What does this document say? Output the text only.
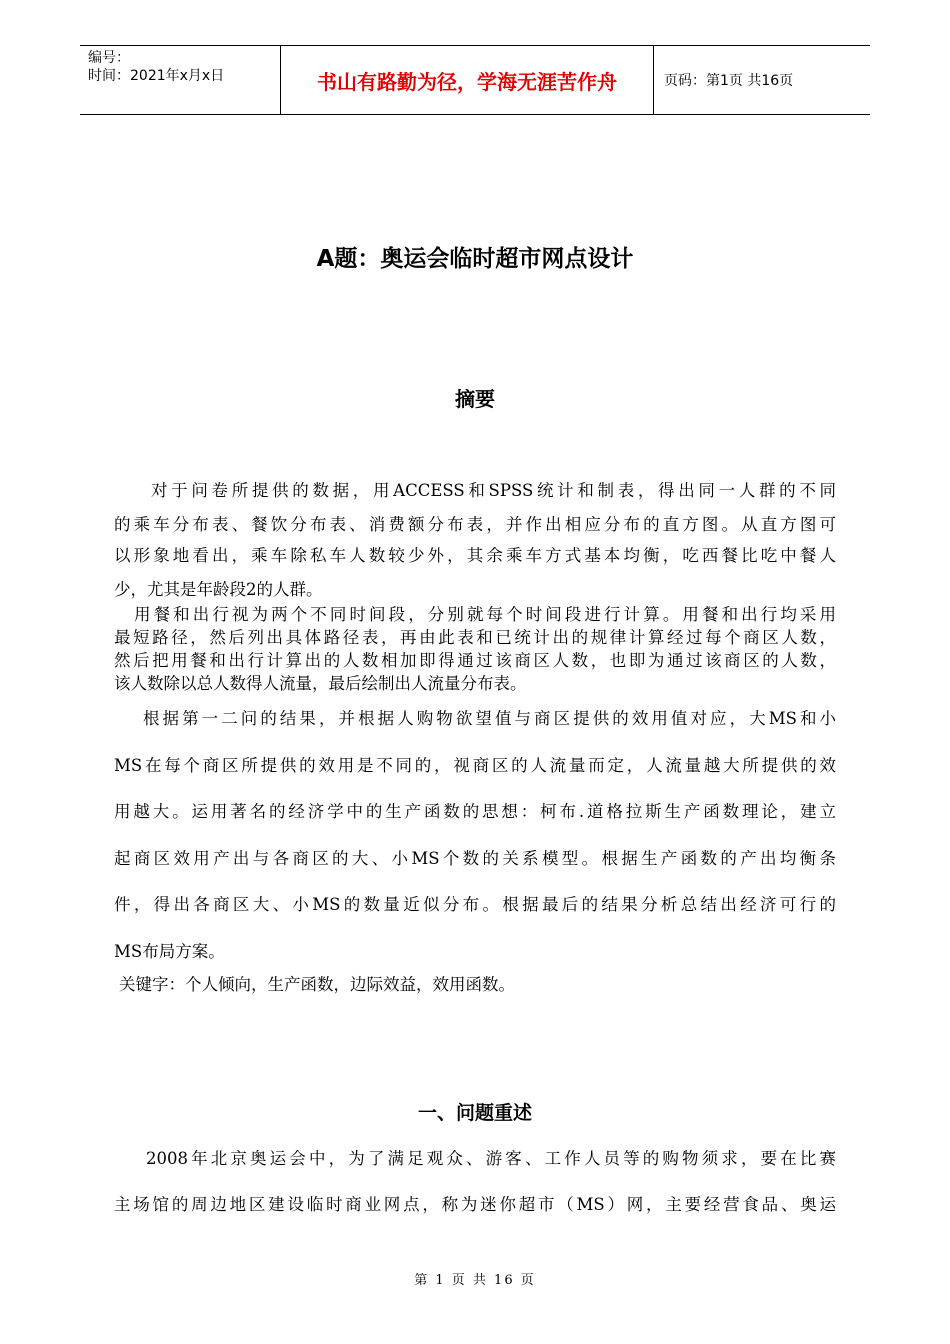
编号：
时间：2021年x月x日	书山有路勤为径，学海无涯苦作舟	页码：第1页 共16页
A题：奥运会临时超市网点设计
摘要
对于问卷所提供的数据，用ACCESS和SPSS统计和制表，得出同一人群的不同
的乘车分布表、餐饮分布表、消费额分布表，并作出相应分布的直方图。从直方图可
以形象地看出，乘车除私车人数较少外，其余乘车方式基本均衡，吃西餐比吃中餐人
少，尤其是年龄段2的人群。
用餐和出行视为两个不同时间段，分别就每个时间段进行计算。用餐和出行均采用
最短路径，然后列出具体路径表，再由此表和已统计出的规律计算经过每个商区人数，
然后把用餐和出行计算出的人数相加即得通过该商区人数，也即为通过该商区的人数，
该人数除以总人数得人流量，最后绘制出人流量分布表。
根据第一二问的结果，并根据人购物欲望值与商区提供的效用值对应，大MS和小
MS在每个商区所提供的效用是不同的，视商区的人流量而定，人流量越大所提供的效
用越大。运用著名的经济学中的生产函数的思想：柯布.道格拉斯生产函数理论，建立
起商区效用产出与各商区的大、小MS个数的关系模型。根据生产函数的产出均衡条
件，得出各商区大、小MS的数量近似分布。根据最后的结果分析总结出经济可行的
MS布局方案。
关键字：个人倾向，生产函数，边际效益，效用函数。
一、问题重述
2008年北京奥运会中，为了满足观众、游客、工作人员等的购物须求，要在比赛
主场馆的周边地区建设临时商业网点，称为迷你超市（MS）网，主要经营食品、奥运
第 1 页 共 16 页
